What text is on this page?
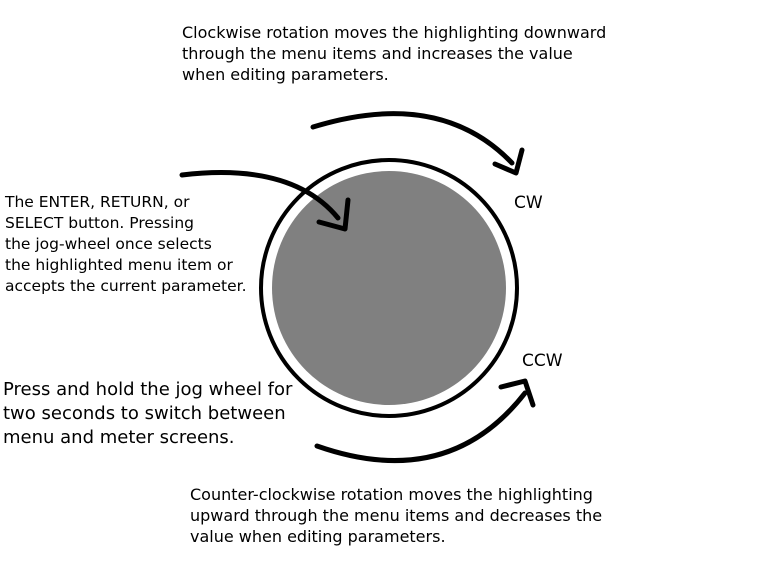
Clockwise rotation moves the highlighting downward
through the menu items and increases the value
when editing parameters.
The ENTER, RETURN, or
SELECT button. Pressing
the jog-wheel once selects
the highlighted menu item or
accepts the current parameter.
Press and hold the jog wheel for
two seconds to switch between
menu and meter screens.
Counter-clockwise rotation moves the highlighting
upward through the menu items and decreases the
value when editing parameters.
CW
CCW
